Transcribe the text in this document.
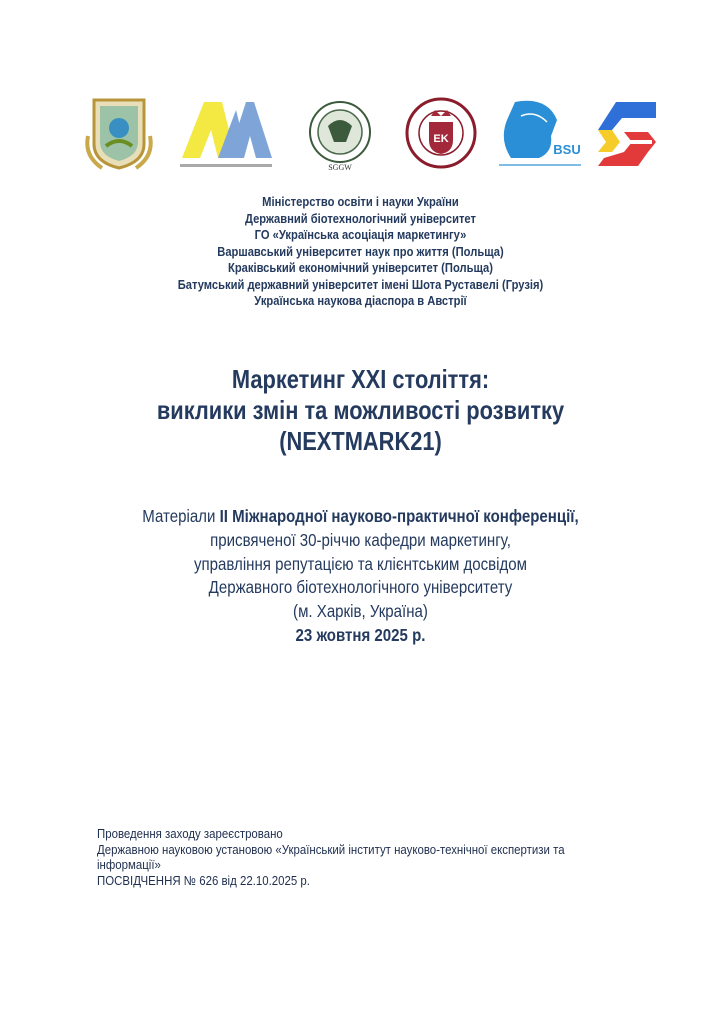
SGGW
EK
BSU
Міністерство освіти і науки України
Державний біотехнологічний університет
ГО «Українська асоціація маркетингу»
Варшавський університет наук про життя (Польща)
Краківський економічний університет (Польща)
Батумський державний університет імені Шота Руставелі (Грузія)
Українська наукова діаспора в Австрії
Маркетинг XXI століття:
виклики змін та можливості розвитку
(NEXTMARK21)
Матеріали II Міжнародної науково-практичної конференції,
присвяченої 30-річчю кафедри маркетингу,
управління репутацією та клієнтським досвідом
Державного біотехнологічного університету
(м. Харків, Україна)
23 жовтня 2025 р.
Проведення заходу зареєстровано
Державною науковою установою «Український інститут науково-технічної експертизи та
інформації»
ПОСВІДЧЕННЯ № 626 від 22.10.2025 р.
